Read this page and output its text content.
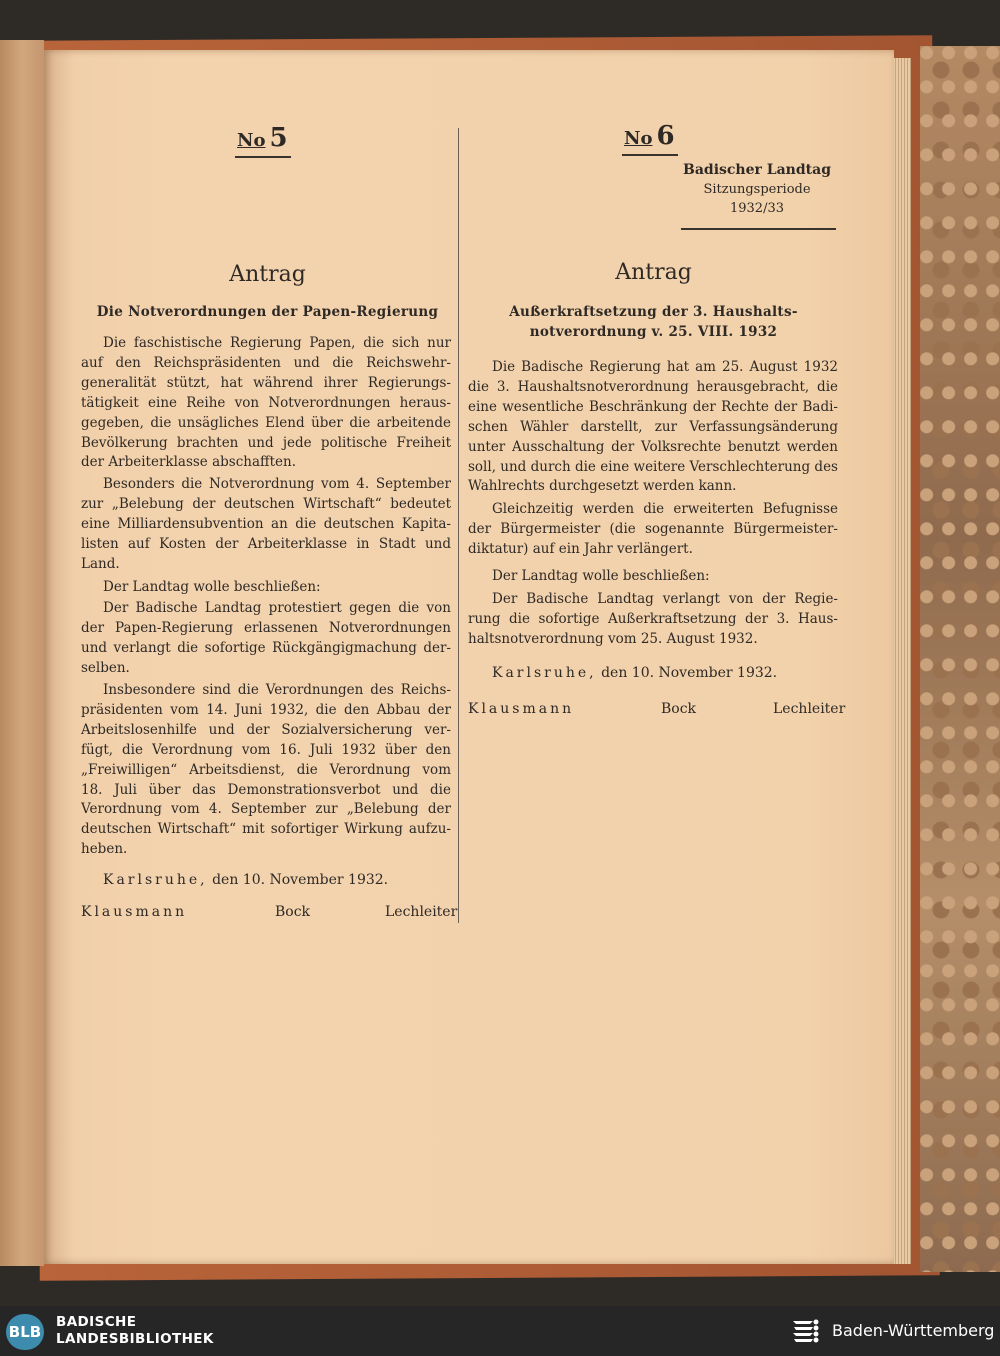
No 5
Antrag
Die Notverordnungen der Papen-Regierung
Die faschistische Regierung Papen, die sich nur
auf den Reichspräsidenten und die Reichswehr-
generalität stützt, hat während ihrer Regierungs-
tätigkeit eine Reihe von Notverordnungen heraus-
gegeben, die unsägliches Elend über die arbeitende
Bevölkerung brachten und jede politische Freiheit
der Arbeiterklasse abschafften.
Besonders die Notverordnung vom 4. September
zur „Belebung der deutschen Wirtschaft“ bedeutet
eine Milliardensubvention an die deutschen Kapita-
listen auf Kosten der Arbeiterklasse in Stadt und
Land.
Der Landtag wolle beschließen:
Der Badische Landtag protestiert gegen die von
der Papen-Regierung erlassenen Notverordnungen
und verlangt die sofortige Rückgängigmachung der-
selben.
Insbesondere sind die Verordnungen des Reichs-
präsidenten vom 14. Juni 1932, die den Abbau der
Arbeitslosenhilfe und der Sozialversicherung ver-
fügt, die Verordnung vom 16. Juli 1932 über den
„Freiwilligen“ Arbeitsdienst, die Verordnung vom
18. Juli über das Demonstrationsverbot und die
Verordnung vom 4. September zur „Belebung der
deutschen Wirtschaft“ mit sofortiger Wirkung aufzu-
heben.
Karlsruhe, den 10. November 1932.
Klausmann	Bock	Lechleiter
No 6
Antrag
Außerkraftsetzung der 3. Haushalts-
notverordnung v. 25. VIII. 1932
Die Badische Regierung hat am 25. August 1932
die 3. Haushaltsnotverordnung herausgebracht, die
eine wesentliche Beschränkung der Rechte der Badi-
schen Wähler darstellt, zur Verfassungsänderung
unter Ausschaltung der Volksrechte benutzt werden
soll, und durch die eine weitere Verschlechterung des
Wahlrechts durchgesetzt werden kann.
Gleichzeitig werden die erweiterten Befugnisse
der Bürgermeister (die sogenannte Bürgermeister-
diktatur) auf ein Jahr verlängert.
Der Landtag wolle beschließen:
Der Badische Landtag verlangt von der Regie-
rung die sofortige Außerkraftsetzung der 3. Haus-
haltsnotverordnung vom 25. August 1932.
Karlsruhe, den 10. November 1932.
Klausmann	Bock	Lechleiter
Badischer Landtag
Sitzungsperiode
1932/33
BLB
BADISCHE
LANDESBIBLIOTHEK	Baden-Württemberg
